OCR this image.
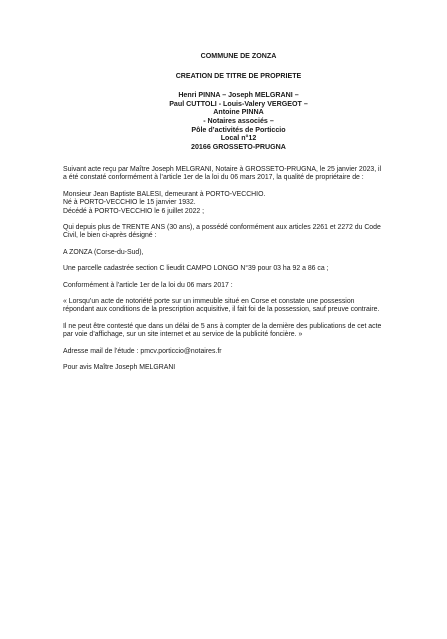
COMMUNE DE ZONZA

CREATION DE TITRE DE PROPRIETE

Henri PINNA – Joseph MELGRANI –

Paul CUTTOLI - Louis-Valery VERGEOT –

Antoine PINNA

- Notaires associés –

Pôle d’activités de Porticcio

Local n°12

20166 GROSSETO-PRUGNA

Suivant acte reçu par Maître Joseph MELGRANI, Notaire à GROSSETO-PRUGNA, le 25 janvier 2023, il a été constaté conformément à l’article 1er de la loi du 06 mars 2017, la qualité de propriétaire de :

Monsieur Jean Baptiste BALESI, demeurant à PORTO-VECCHIO.

Né à PORTO-VECCHIO le 15 janvier 1932.

Décédé à PORTO-VECCHIO le 6 juillet 2022 ;

Qui depuis plus de TRENTE ANS (30 ans), a possédé conformément aux articles 2261 et 2272 du Code Civil, le bien ci-après désigné :

A ZONZA (Corse-du-Sud),

Une parcelle cadastrée section C lieudit CAMPO LONGO N°39 pour 03 ha 92 a 86 ca ;

Conformément à l’article 1er de la loi du 06 mars 2017 :

« Lorsqu’un acte de notoriété porte sur un immeuble situé en Corse et constate une possession répondant aux conditions de la prescription acquisitive, il fait foi de la possession, sauf preuve contraire.

Il ne peut être contesté que dans un délai de 5 ans à compter de la dernière des publications de cet acte par voie d’affichage, sur un site internet et au service de la publicité foncière. »

Adresse mail de l’étude : pmcv.porticcio@notaires.fr

Pour avis Maître Joseph MELGRANI
